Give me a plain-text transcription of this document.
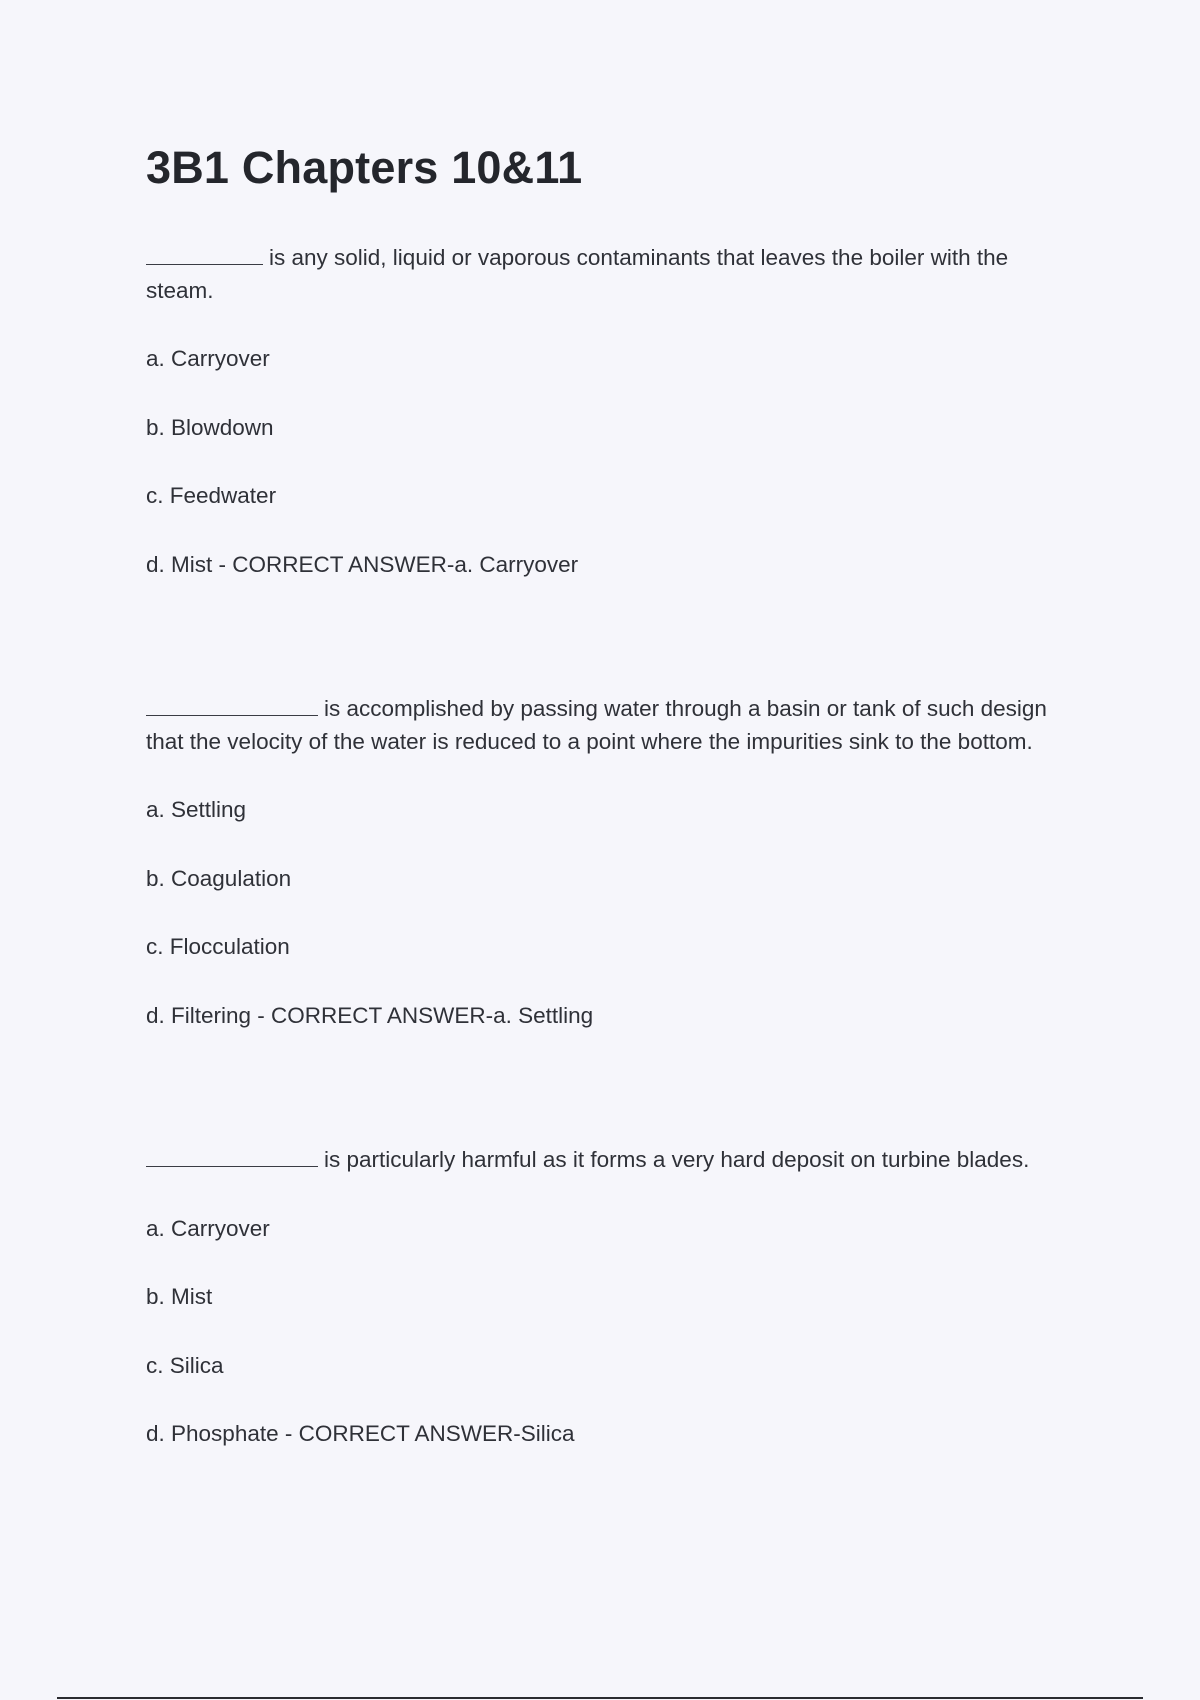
3B1 Chapters 10&11

is any solid, liquid or vaporous contaminants that leaves the boiler with the steam.

a. Carryover

b. Blowdown

c. Feedwater

d. Mist - CORRECT ANSWER-a. Carryover

is accomplished by passing water through a basin or tank of such design that the velocity of the water is reduced to a point where the impurities sink to the bottom.

a. Settling

b. Coagulation

c. Flocculation

d. Filtering - CORRECT ANSWER-a. Settling

is particularly harmful as it forms a very hard deposit on turbine blades.

a. Carryover

b. Mist

c. Silica

d. Phosphate - CORRECT ANSWER-Silica
